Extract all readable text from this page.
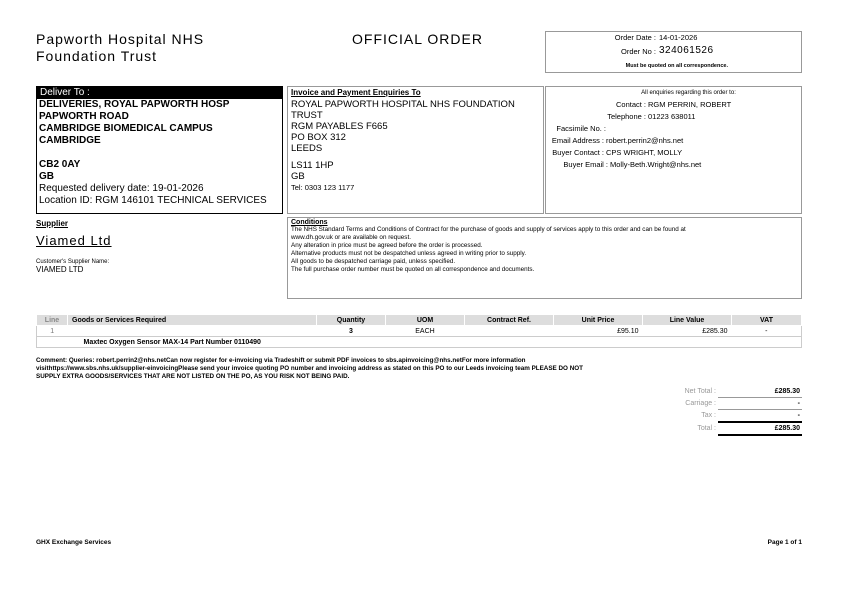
Papworth Hospital NHS
Foundation Trust
OFFICIAL ORDER	Order Date : 14-01-2026
Order No : 324061526
Must be quoted on all correspondence.
Deliver To :
DELIVERIES, ROYAL PAPWORTH HOSP
PAPWORTH ROAD
CAMBRIDGE BIOMEDICAL CAMPUS
CAMBRIDGE
CB2 0AY
GB
Requested delivery date: 19-01-2026
Location ID: RGM 146101 TECHNICAL SERVICES
Invoice and Payment Enquiries To
ROYAL PAPWORTH HOSPITAL NHS FOUNDATION
TRUST
RGM PAYABLES F665
PO BOX 312
LEEDS
LS11 1HP
GB
Tel: 0303 123 1177
All enquiries regarding this order to:
Contact : RGM PERRIN, ROBERT
Telephone : 01223 638011
Facsimile No. :
Email Address : robert.perrin2@nhs.net
Buyer Contact : CPS WRIGHT, MOLLY
Buyer Email : Molly-Beth.Wright@nhs.net
Supplier
Viamed Ltd
Customer's Supplier Name:
VIAMED LTD
Conditions
The NHS Standard Terms and Conditions of Contract for the purchase of goods and supply of services apply to this order and can be found at
www.dh.gov.uk or are available on request.
Any alteration in price must be agreed before the order is processed.
Alternative products must not be despatched unless agreed in writing prior to supply.
All goods to be despatched carriage paid, unless specified.
The full purchase order number must be quoted on all correspondence and documents.
Line	Goods or Services Required	Quantity	UOM	Contract Ref.	Unit Price	Line Value	VAT
1		3	EACH		£95.10	£285.30	-
	Maxtec Oxygen Sensor MAX-14 Part Number 0110490						
Comment: Queries: robert.perrin2@nhs.netCan now register for e-invoicing via Tradeshift or submit PDF invoices to sbs.apinvoicing@nhs.netFor more information
visithttps://www.sbs.nhs.uk/supplier-einvoicingPlease send your invoice quoting PO number and invoicing address as stated on this PO to our Leeds invoicing team PLEASE DO NOT
SUPPLY EXTRA GOODS/SERVICES THAT ARE NOT LISTED ON THE PO, AS YOU RISK NOT BEING PAID.
Net Total :	£285.30
Carriage :	-
Tax :	-
Total :	£285.30
GHX Exchange Services	Page 1 of 1
